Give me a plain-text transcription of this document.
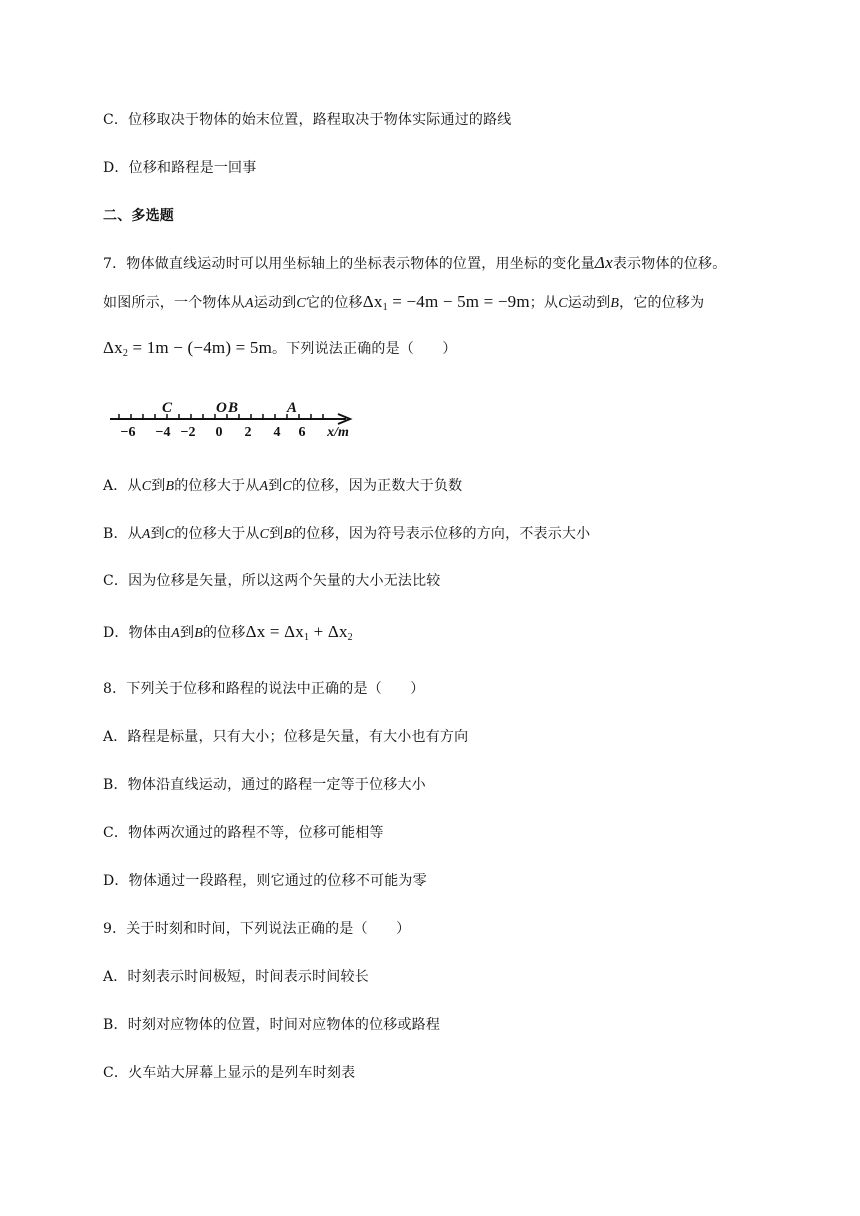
C．位移取决于物体的始末位置，路程取决于物体实际通过的路线
D．位移和路程是一回事
二、多选题
7．物体做直线运动时可以用坐标轴上的坐标表示物体的位置，用坐标的变化量Δx表示物体的位移。
如图所示，一个物体从A运动到C它的位移$\Delta x_1 = -4m - 5m = -9m$；从C运动到B，它的位移为
$\Delta x_2 = 1m - (-4m) = 5m$。下列说法正确的是（　　）
C	O B	A
−6 −4 −2 0 2 4 6 x/m
A．从C到B的位移大于从A到C的位移，因为正数大于负数
B．从A到C的位移大于从C到B的位移，因为符号表示位移的方向，不表示大小
C．因为位移是矢量，所以这两个矢量的大小无法比较
D．物体由A到B的位移$\Delta x = \Delta x_1 + \Delta x_2$
8．下列关于位移和路程的说法中正确的是（　　）
A．路程是标量，只有大小；位移是矢量，有大小也有方向
B．物体沿直线运动，通过的路程一定等于位移大小
C．物体两次通过的路程不等，位移可能相等
D．物体通过一段路程，则它通过的位移不可能为零
9．关于时刻和时间，下列说法正确的是（　　）
A．时刻表示时间极短，时间表示时间较长
B．时刻对应物体的位置，时间对应物体的位移或路程
C．火车站大屏幕上显示的是列车时刻表
